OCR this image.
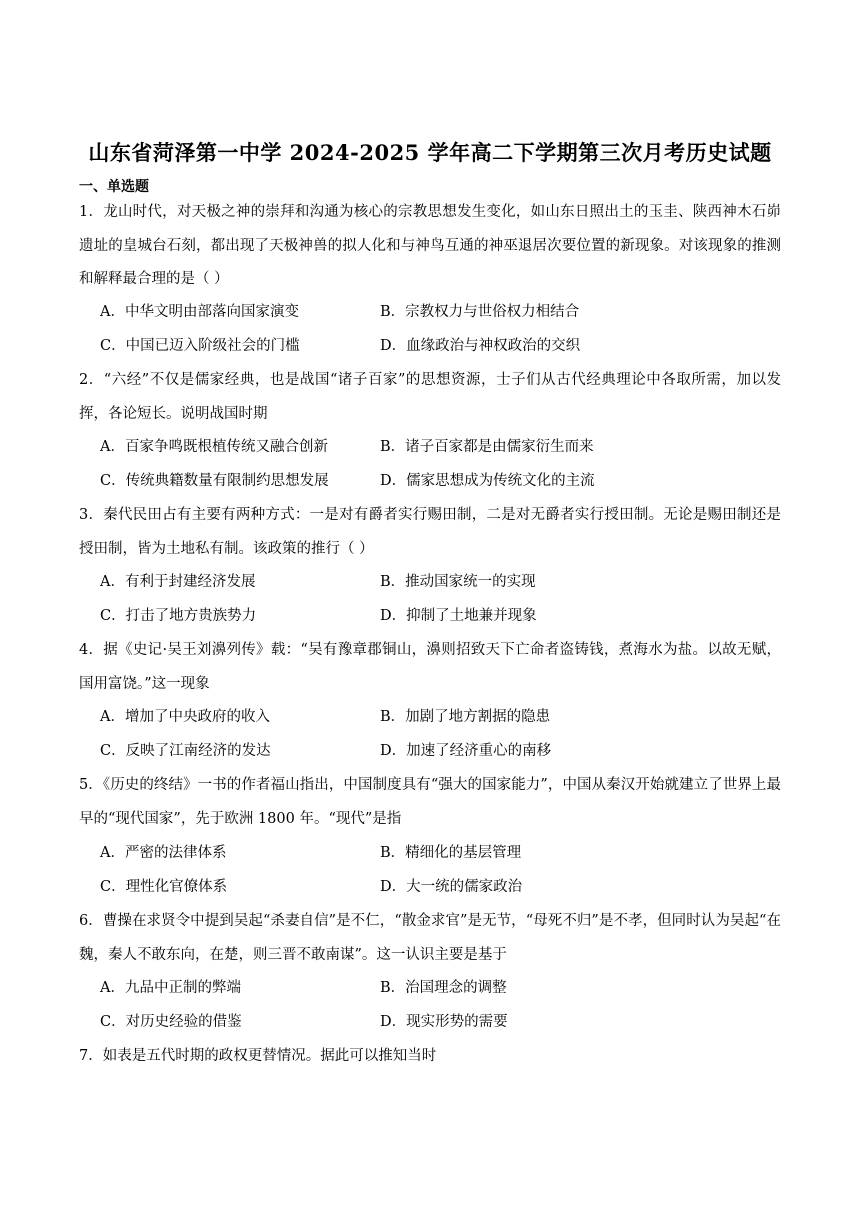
山东省菏泽第一中学 2024-2025 学年高二下学期第三次月考历史试题
一、单选题
1．龙山时代，对天极之神的崇拜和沟通为核心的宗教思想发生变化，如山东日照出土的玉圭、陕西神木石峁遗址的皇城台石刻，都出现了天极神兽的拟人化和与神鸟互通的神巫退居次要位置的新现象。对该现象的推测和解释最合理的是（ ）
A．中华文明由部落向国家演变	B．宗教权力与世俗权力相结合
C．中国已迈入阶级社会的门槛	D．血缘政治与神权政治的交织
2．“六经”不仅是儒家经典，也是战国“诸子百家”的思想资源，士子们从古代经典理论中各取所需，加以发挥，各论短长。说明战国时期
A．百家争鸣既根植传统又融合创新	B．诸子百家都是由儒家衍生而来
C．传统典籍数量有限制约思想发展	D．儒家思想成为传统文化的主流
3．秦代民田占有主要有两种方式：一是对有爵者实行赐田制，二是对无爵者实行授田制。无论是赐田制还是授田制，皆为土地私有制。该政策的推行（ ）
A．有利于封建经济发展	B．推动国家统一的实现
C．打击了地方贵族势力	D．抑制了土地兼并现象
4．据《史记·吴王刘濞列传》载：“吴有豫章郡铜山，濞则招致天下亡命者盗铸钱，煮海水为盐。以故无赋，国用富饶。”这一现象
A．增加了中央政府的收入	B．加剧了地方割据的隐患
C．反映了江南经济的发达	D．加速了经济重心的南移
5．《历史的终结》一书的作者福山指出，中国制度具有“强大的国家能力”，中国从秦汉开始就建立了世界上最早的“现代国家”，先于欧洲 1800 年。“现代”是指
A．严密的法律体系	B．精细化的基层管理
C．理性化官僚体系	D．大一统的儒家政治
6．曹操在求贤令中提到吴起“杀妻自信”是不仁，“散金求官”是无节，“母死不归”是不孝，但同时认为吴起“在魏，秦人不敢东向，在楚，则三晋不敢南谋”。这一认识主要是基于
A．九品中正制的弊端	B．治国理念的调整
C．对历史经验的借鉴	D．现实形势的需要
7．如表是五代时期的政权更替情况。据此可以推知当时
